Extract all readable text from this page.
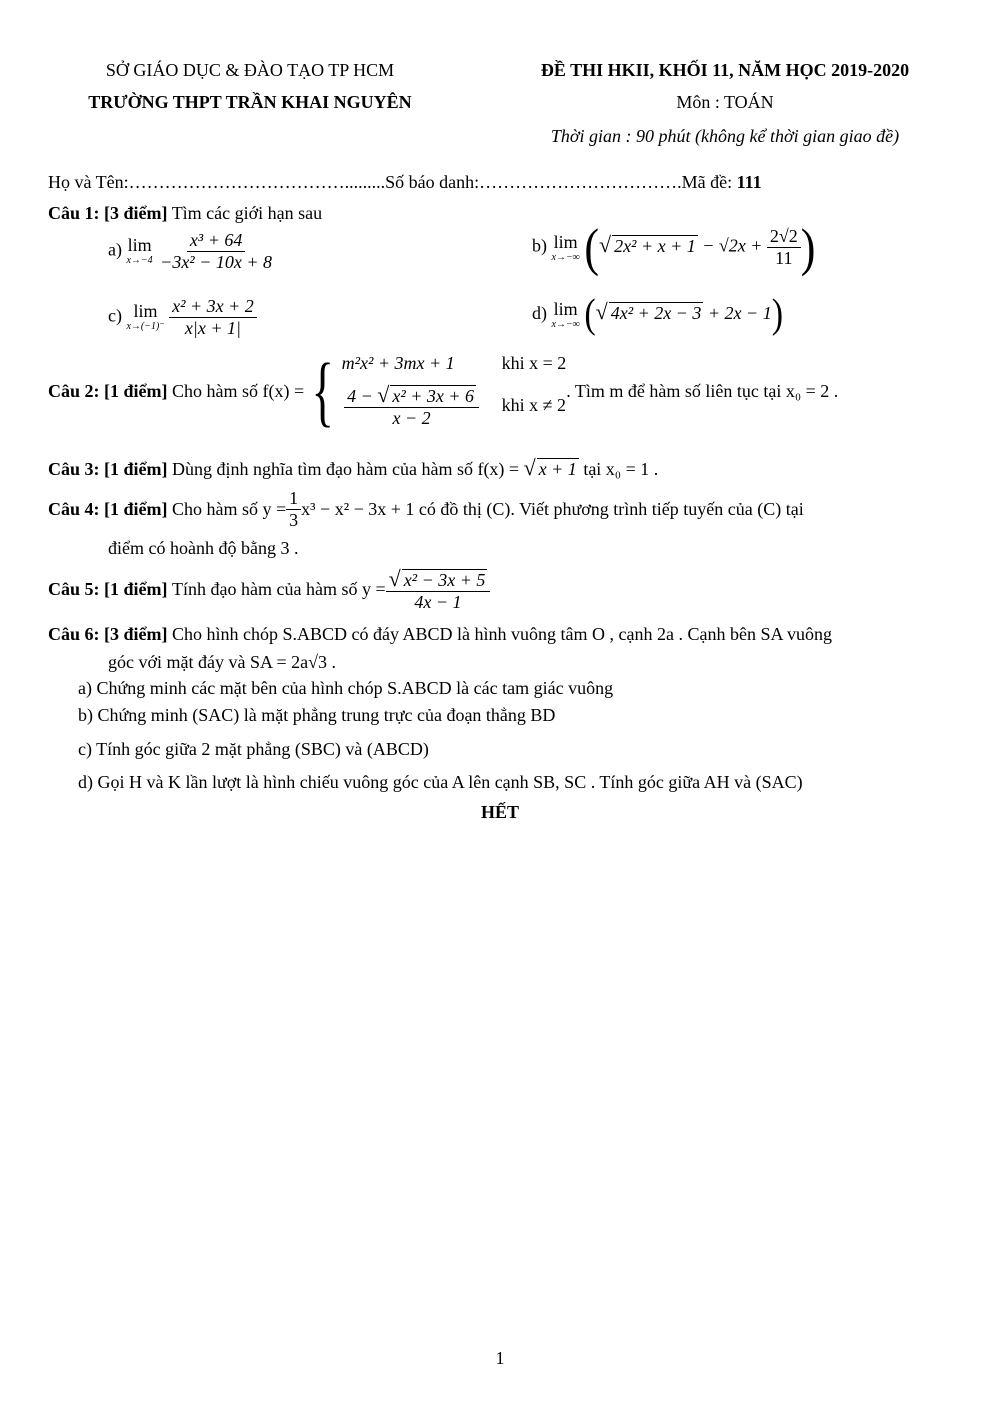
SỞ GIÁO DỤC & ĐÀO TẠO TP HCM
TRƯỜNG THPT TRẦN KHAI NGUYÊN
ĐỀ THI HKII, KHỐI 11, NĂM HỌC 2019-2020
Môn : TOÁN
Thời gian : 90 phút (không kể thời gian giao đề)
Họ và Tên:……………………………….........Số báo danh:…………………………….Mã đề: 111
Câu 1: [3 điểm] Tìm các giới hạn sau
a) lim
x→−4
$\frac{\text{x³ + 64}}{\text{−3x² − 10x + 8}}$	b) lim
x→−∞ ( √ $2x^2 + x + 1 - √2x + \frac{2√2}{11}$ )
c) lim
x→(−1)⁻
$\frac{\text{x² + 3x + 2}}{x|x + 1|}$	d) lim
x→−∞ ( √ 4x² + 2x − 3 + 2x − 1)
Câu 2: [1 điểm]
Cho hàm số f(x) = { m²x² + 3mx + 1	khi x = 2
$\frac{\text{4 − √ x² + 3x + 6}}{x - 2}$ khi x ≠ 2
. Tìm m để hàm số liên tục tại x₀ = 2 .
Câu 3: [1 điểm] Dùng định nghĩa tìm đạo hàm của hàm số f(x) = √ x + 1 tại x₀ = 1 .
Câu 4: [1 điểm]
Cho hàm số $y = \frac{1}{3} x^3 - x^2 - 3x + 1$ có đồ thị (C). Viết phương trình tiếp tuyến của (C) tại
điểm có hoành độ bằng 3 .
Câu 5: [1 điểm]
Tính đạo hàm của hàm số y = √ $\frac{\text{x² − 3x + 5}}{4x - 1}$
Câu 6: [3 điểm] Cho hình chóp S.ABCD có đáy ABCD là hình vuông tâm O , cạnh 2a . Cạnh bên SA vuông
góc với mặt đáy và SA = 2a√3 .
a) Chứng minh các mặt bên của hình chóp S.ABCD là các tam giác vuông
b) Chứng minh (SAC) là mặt phẳng trung trực của đoạn thẳng BD
c) Tính góc giữa 2 mặt phẳng (SBC) và (ABCD)
d) Gọi H và K lần lượt là hình chiếu vuông góc của A lên cạnh SB, SC . Tính góc giữa AH và (SAC)
HẾT
1
